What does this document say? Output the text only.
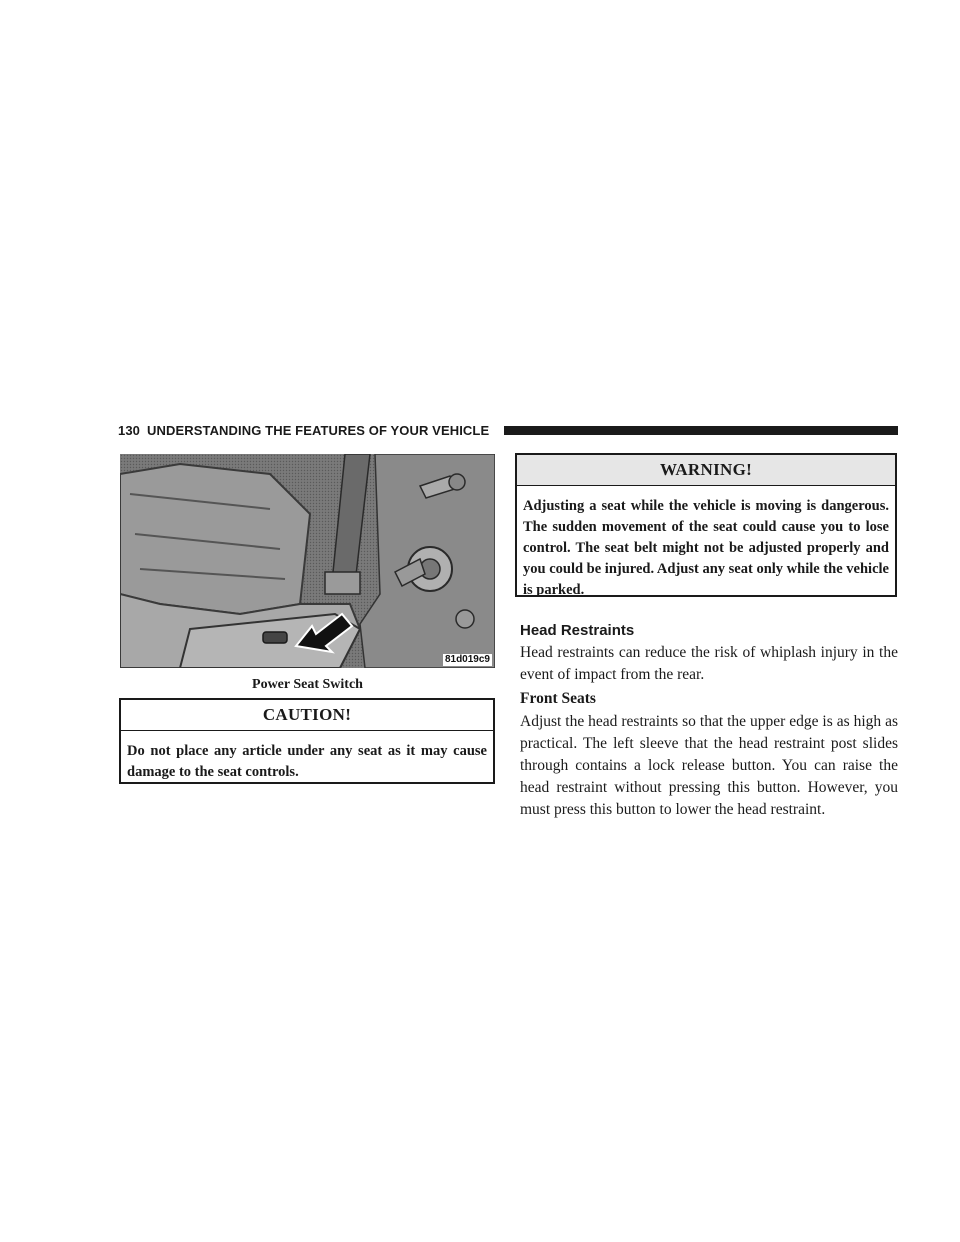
130 UNDERSTANDING THE FEATURES OF YOUR VEHICLE
81d019c9
Power Seat Switch
CAUTION!
Do not place any article under any seat as it may cause damage to the seat controls.
WARNING!
Adjusting a seat while the vehicle is moving is dangerous. The sudden movement of the seat could cause you to lose control. The seat belt might not be adjusted properly and you could be injured. Adjust any seat only while the vehicle is parked.
Head Restraints
Head restraints can reduce the risk of whiplash injury in the event of impact from the rear.
Front Seats
Adjust the head restraints so that the upper edge is as high as practical. The left sleeve that the head restraint post slides through contains a lock release button. You can raise the head restraint without pressing this button. However, you must press this button to lower the head restraint.
